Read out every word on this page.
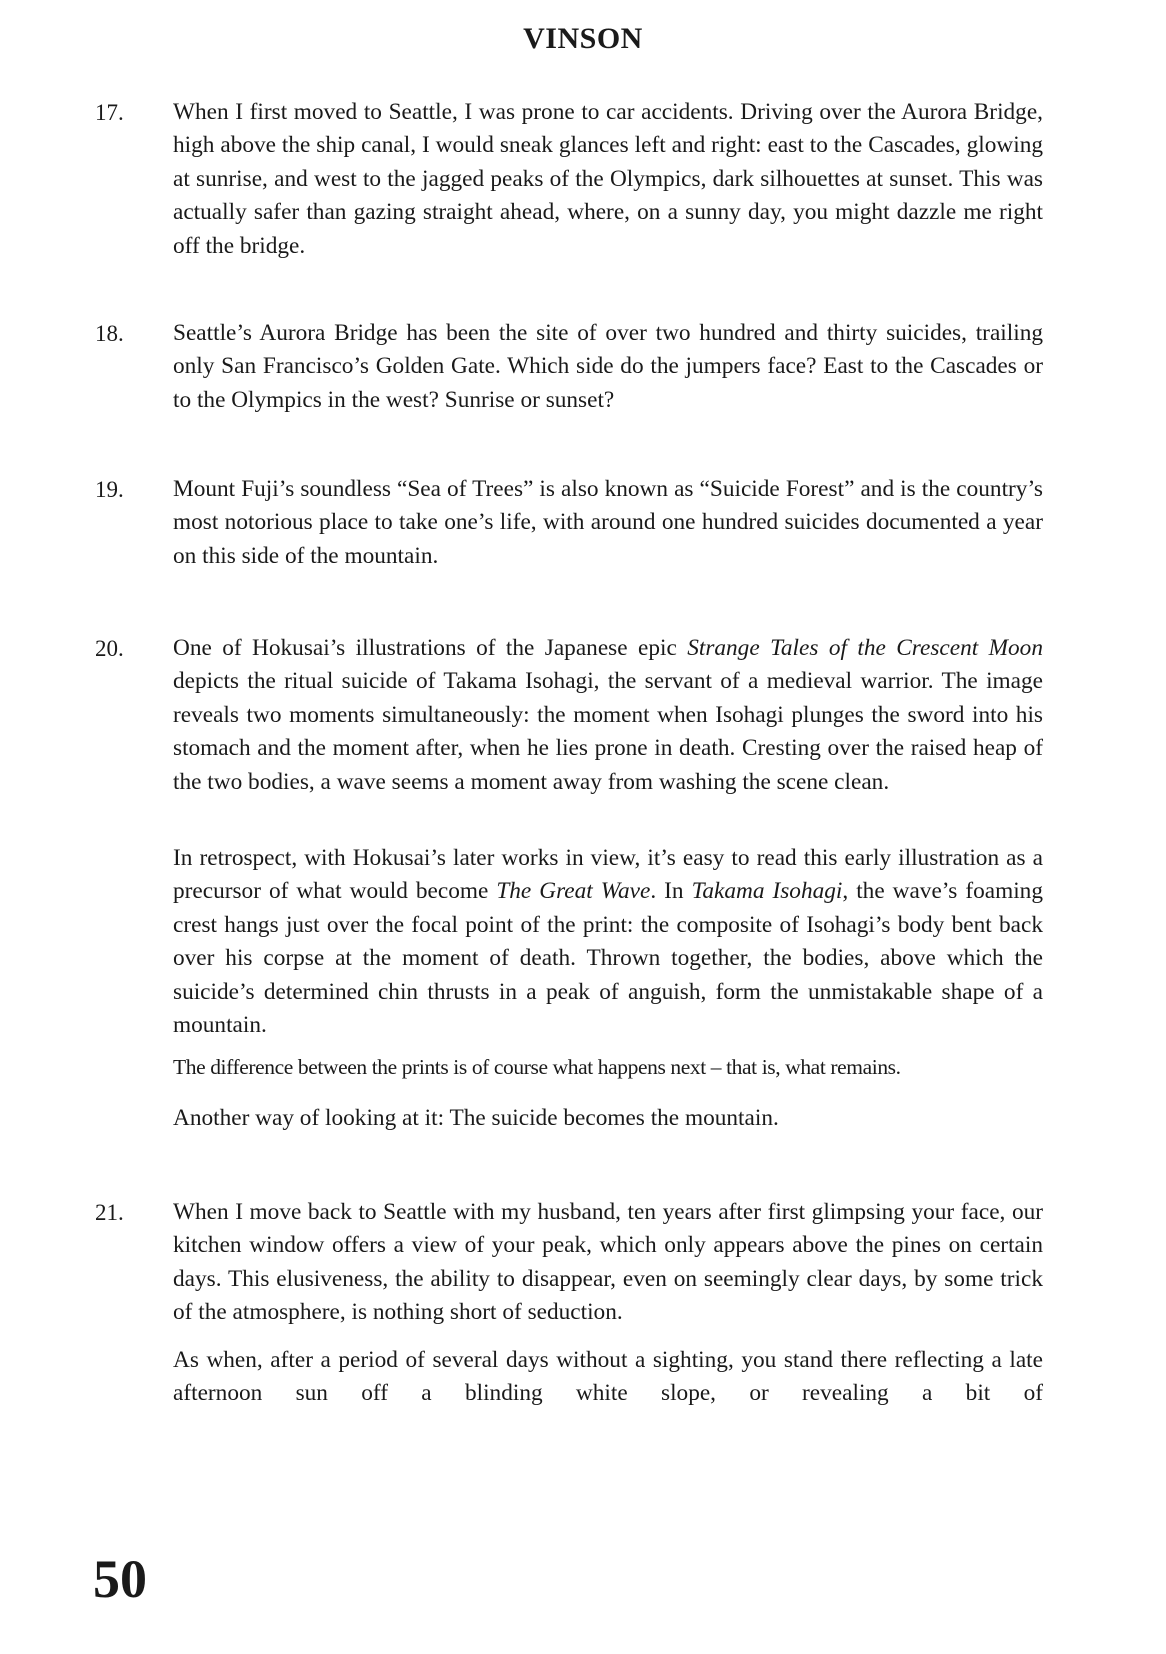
VINSON
17. When I first moved to Seattle, I was prone to car accidents. Driving over the Aurora Bridge, high above the ship canal, I would sneak glances left and right: east to the Cascades, glowing at sunrise, and west to the jagged peaks of the Olympics, dark silhouettes at sunset. This was actually safer than gazing straight ahead, where, on a sunny day, you might dazzle me right off the bridge.

18. Seattle’s Aurora Bridge has been the site of over two hundred and thirty suicides, trailing only San Francisco’s Golden Gate. Which side do the jumpers face? East to the Cascades or to the Olympics in the west? Sunrise or sunset?

19. Mount Fuji’s soundless “Sea of Trees” is also known as “Suicide Forest” and is the country’s most notorious place to take one’s life, with around one hundred suicides documented a year on this side of the mountain.

20. One of Hokusai’s illustrations of the Japanese epic Strange Tales of the Crescent Moon depicts the ritual suicide of Takama Isohagi, the servant of a medieval warrior. The image reveals two moments simultaneously: the moment when Isohagi plunges the sword into his stomach and the moment after, when he lies prone in death. Cresting over the raised heap of the two bodies, a wave seems a moment away from washing the scene clean.

In retrospect, with Hokusai’s later works in view, it’s easy to read this early illustration as a precursor of what would become The Great Wave. In Takama Isohagi, the wave’s foaming crest hangs just over the focal point of the print: the composite of Isohagi’s body bent back over his corpse at the moment of death. Thrown together, the bodies, above which the suicide’s determined chin thrusts in a peak of anguish, form the unmistakable shape of a mountain.

The difference between the prints is of course what happens next – that is, what remains.

Another way of looking at it: The suicide becomes the mountain.

21. When I move back to Seattle with my husband, ten years after first glimpsing your face, our kitchen window offers a view of your peak, which only appears above the pines on certain days. This elusiveness, the ability to disappear, even on seemingly clear days, by some trick of the atmosphere, is nothing short of seduction.

As when, after a period of several days without a sighting, you stand there reflecting a late afternoon sun off a blinding white slope, or revealing a bit of

50
